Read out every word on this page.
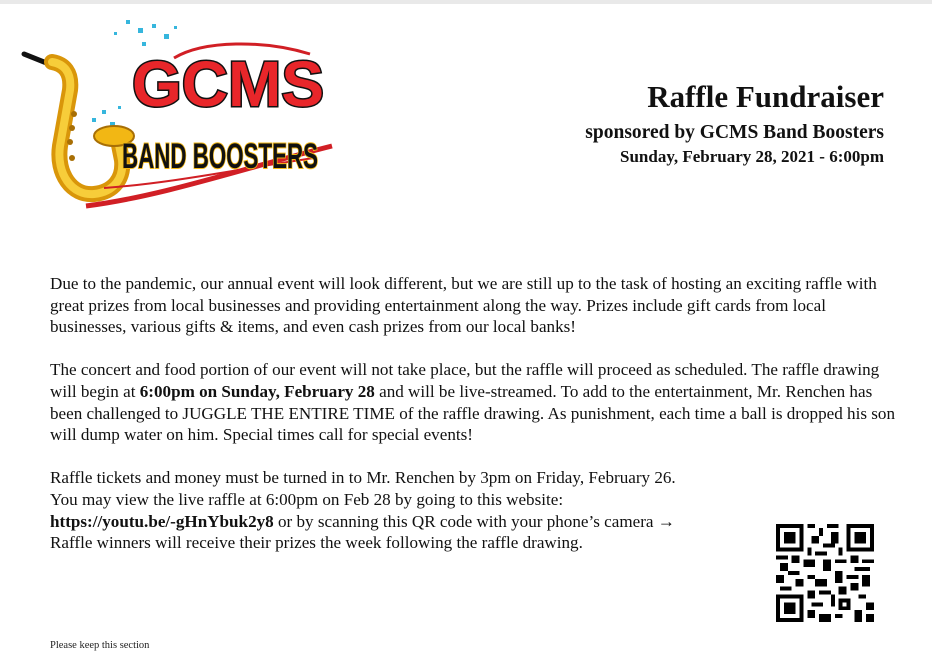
GCMS
BAND BOOSTERS
Raffle Fundraiser
sponsored by GCMS Band Boosters
Sunday, February 28, 2021 - 6:00pm

Due to the pandemic, our annual event will look different, but we are still up to the task of hosting an exciting raffle with great prizes from local businesses and providing entertainment along the way. Prizes include gift cards from local businesses, various gifts & items, and even cash prizes from our local banks!

The concert and food portion of our event will not take place, but the raffle will proceed as scheduled. The raffle drawing will begin at 6:00pm on Sunday, February 28 and will be live-streamed. To add to the entertainment, Mr. Renchen has been challenged to JUGGLE THE ENTIRE TIME of the raffle drawing. As punishment, each time a ball is dropped his son will dump water on him. Special times call for special events!

Raffle tickets and money must be turned in to Mr. Renchen by 3pm on Friday, February 26.
You may view the live raffle at 6:00pm on Feb 28 by going to this website:
https://youtu.be/-gHnYbuk2y8 or by scanning this QR code with your phone’s camera →
Raffle winners will receive their prizes the week following the raffle drawing.
Please keep this section
